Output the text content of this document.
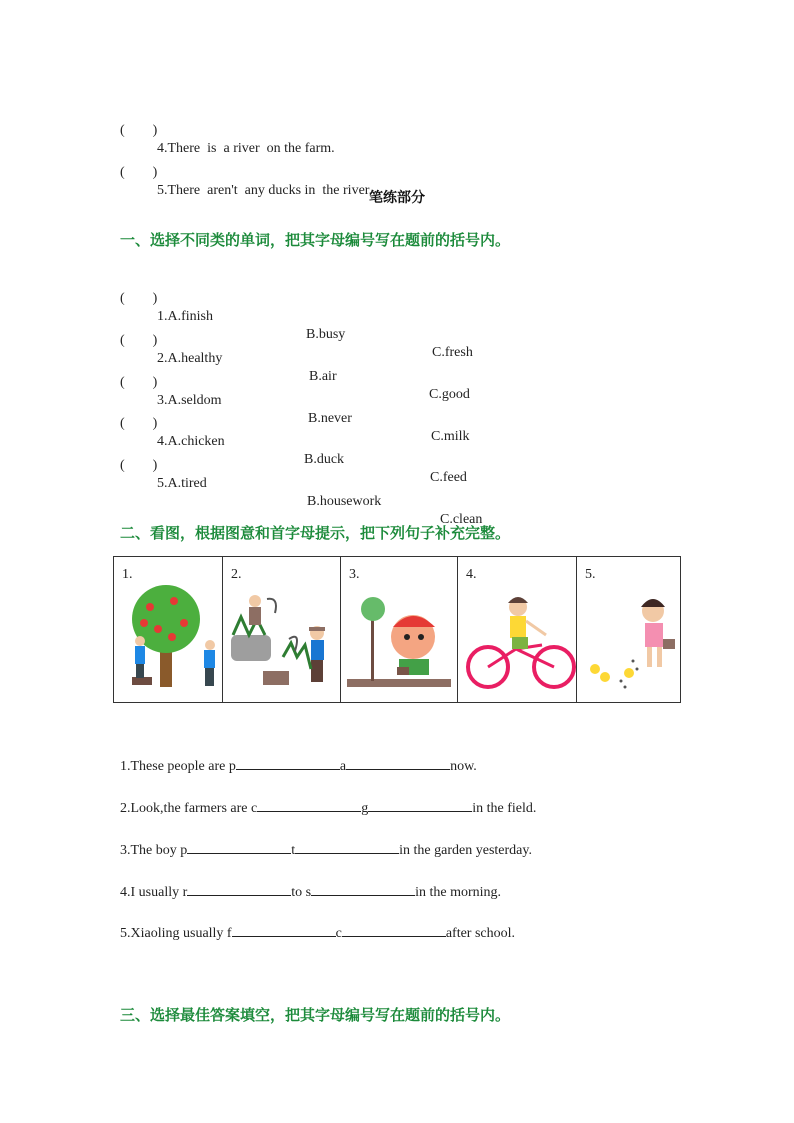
(        )

4.There  is  a river  on the farm.

(        )

5.There  aren't  any ducks in  the river.

笔练部分
一、选择不同类的单词，把其字母编号写在题前的括号内。

(        )

1.A.finish

B.busy

C.fresh

(        )

2.A.healthy

B.air

C.good

(        )

3.A.seldom

B.never

C.milk

(        )

4.A.chicken

B.duck

C.feed

(        )

5.A.tired

B.housework

C.clean

二、看图，根据图意和首字母提示，把下列句子补充完整。
1.	2.	3.	4.	5.
1.These people are p	a	now.
2.Look,the farmers are c	g	in the field.
3.The boy p	t	in the garden yesterday.
4.I usually r	to s	in the morning.
5.Xiaoling usually f	c	after school.
三、选择最佳答案填空，把其字母编号写在题前的括号内。
